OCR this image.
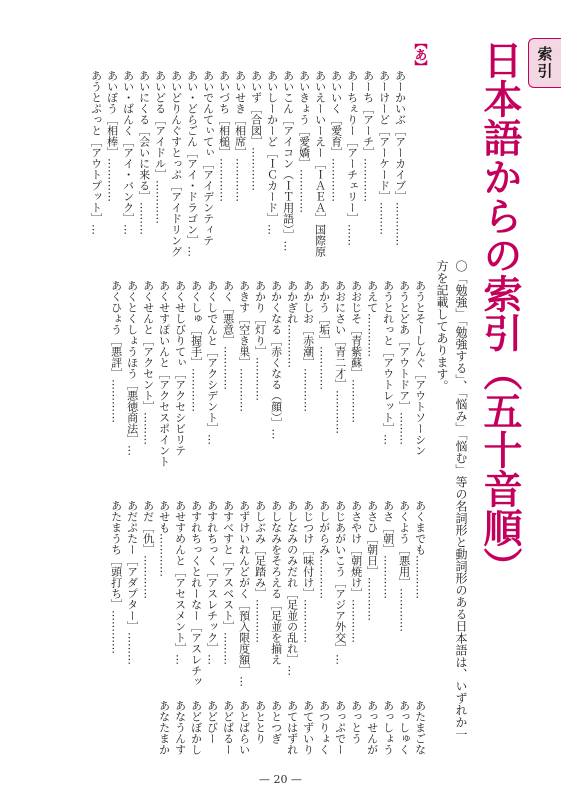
索引
日本語からの索引（五十音順）
〇「勉強」「勉強する」、「悩み」「悩む」等の名詞形と動詞形のある日本語は、いずれか一方を記載してあります。
【あ】
あーかいぶ［アーカイブ］…………
あーけーど［アーケード］………
あーち［アーチ］…………
あーちぇりー［アーチェリー］……
あいいく［愛育］…………
あいえーいーえー［ＩＡＥＡ］国際原
あいきょう［愛嬌］…………
あいこん［アイコン（ＩＴ用語）］…
あいしーかーど［ＩＣカード］…
あいず［合図］…………
あいせき［相席］…………
あいづち［相槌］…………
あいでんてぃてぃ［アイデンティテ
あい・どらごん［アイ・ドラゴン］…
あいどりんぐすとっぷ［アイドリング
あいどる［アイドル］…………
あいにくる［会いに来る］………
あい・ばんく［アイ・バンク］…
あいぼう［相棒］…………
あうとぷっと［アウトプット］…
あうとそーしんぐ［アウトソーシン
あうとどあ［アウトドア］………
あうとれっと［アウトレット］…
あえて…………
あおじそ［青紫蘇］…………
あおにさい［青二才］…………
あかう［垢］…………
あかしお［赤潮］…………
あかぎれ…………
あかくなる［赤くなる（顔）］…
あかり［灯り］…………
あきす［空き巣］…………
あく［悪意］…………
あくしでんと［アクシデント］…
あくしゅ［握手］…………
あくせしびりてぃ［アクセシビリテ
あくせすぽいんと［アクセスポイント
あくせんと［アクセント］………
あくとくしょうほう［悪徳商法］…
あくひょう［悪評］…………
あくまでも…………
あくよう［悪用］…………
あさ［朝］…………
あさひ［朝日］…………
あさやけ［朝焼け］…………
あじあがいこう［アジア外交］…
あしがらみ…………
あじつけ［味付け］…………
あしなみのみだれ［足並の乱れ］…
あしなみをそろえる［足並を揃え
あしぶみ［足踏み］…………
あずけいれんどがく［預入限度額］…
あすべすと［アスベスト］………
あすれちっく［アスレチック］…
あすれちっくとれーなー［アスレチッ
あせすめんと［アセスメント］…
あせも…………
あだ［仇］…………
あだぷたー［アダプター］………
あたまうち［頭打ち］…………
あたまごな
あっしゅく
あっしょう
あっせんが
あっとう
あっぷでー
あつりょく
あてずいり
あてはずれ
あとつぎ
あととり
あとばらい
あどばるー
あどびー
あどぼかし
あなうんす
あなたまか
— 20 —
